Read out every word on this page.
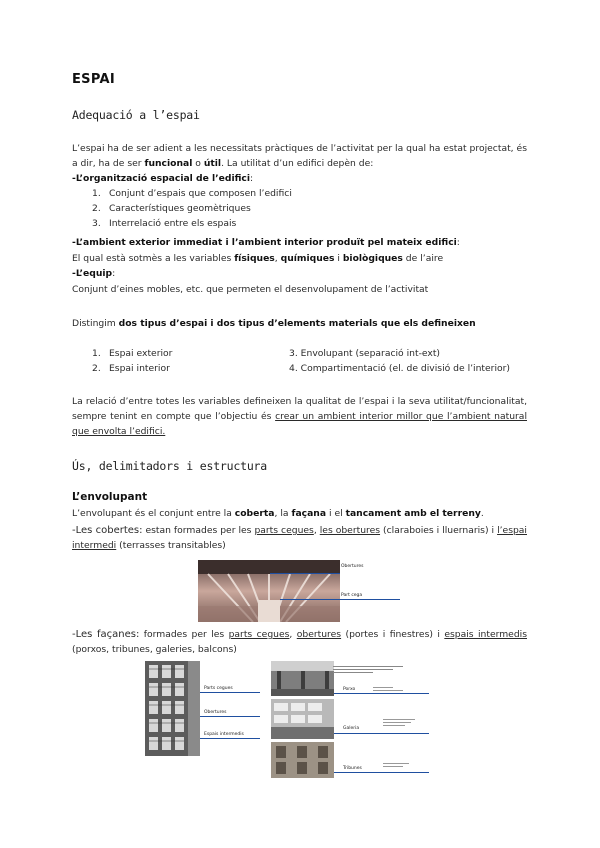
ESPAI
Adequació a l’espai
L’espai ha de ser adient a les necessitats pràctiques de l’activitat per la qual ha estat projectat, és a dir, ha de ser funcional o útil. La utilitat d’un edifici depèn de:
-L’organització espacial de l’edifici:
1. Conjunt d’espais que composen l’edifici
2. Característiques geomètriques
3. Interrelació entre els espais
-L’ambient exterior immediat i l’ambient interior produït pel mateix edifici:
El qual està sotmès a les variables físiques, químiques i biològiques de l’aire
-L’equip:
Conjunt d’eines mobles, etc. que permeten el desenvolupament de l’activitat
Distingim dos tipus d’espai i dos tipus d’elements materials que els defineixen
1. Espai exterior
2. Espai interior
3. Envolupant (separació int-ext)
4. Compartimentació (el. de divisió de l’interior)
La relació d’entre totes les variables defineixen la qualitat de l’espai i la seva utilitat/funcionalitat, sempre tenint en compte que l’objectiu és crear un ambient interior millor que l’ambient natural que envolta l’edifici.
Ús, delimitadors i estructura
L’envolupant
L’envolupant és el conjunt entre la coberta, la façana i el tancament amb el terreny.
-Les cobertes: estan formades per les parts cegues, les obertures (claraboies i lluernaris) i l’espai intermedi (terrasses transitables)
Obertures
Part cega
-Les façanes: formades per les parts cegues, obertures (portes i finestres) i espais intermedis (porxos, tribunes, galeries, balcons)
Parts cegues
Obertures
Espais intermedis
Porxo
Galeria
Tribunes
